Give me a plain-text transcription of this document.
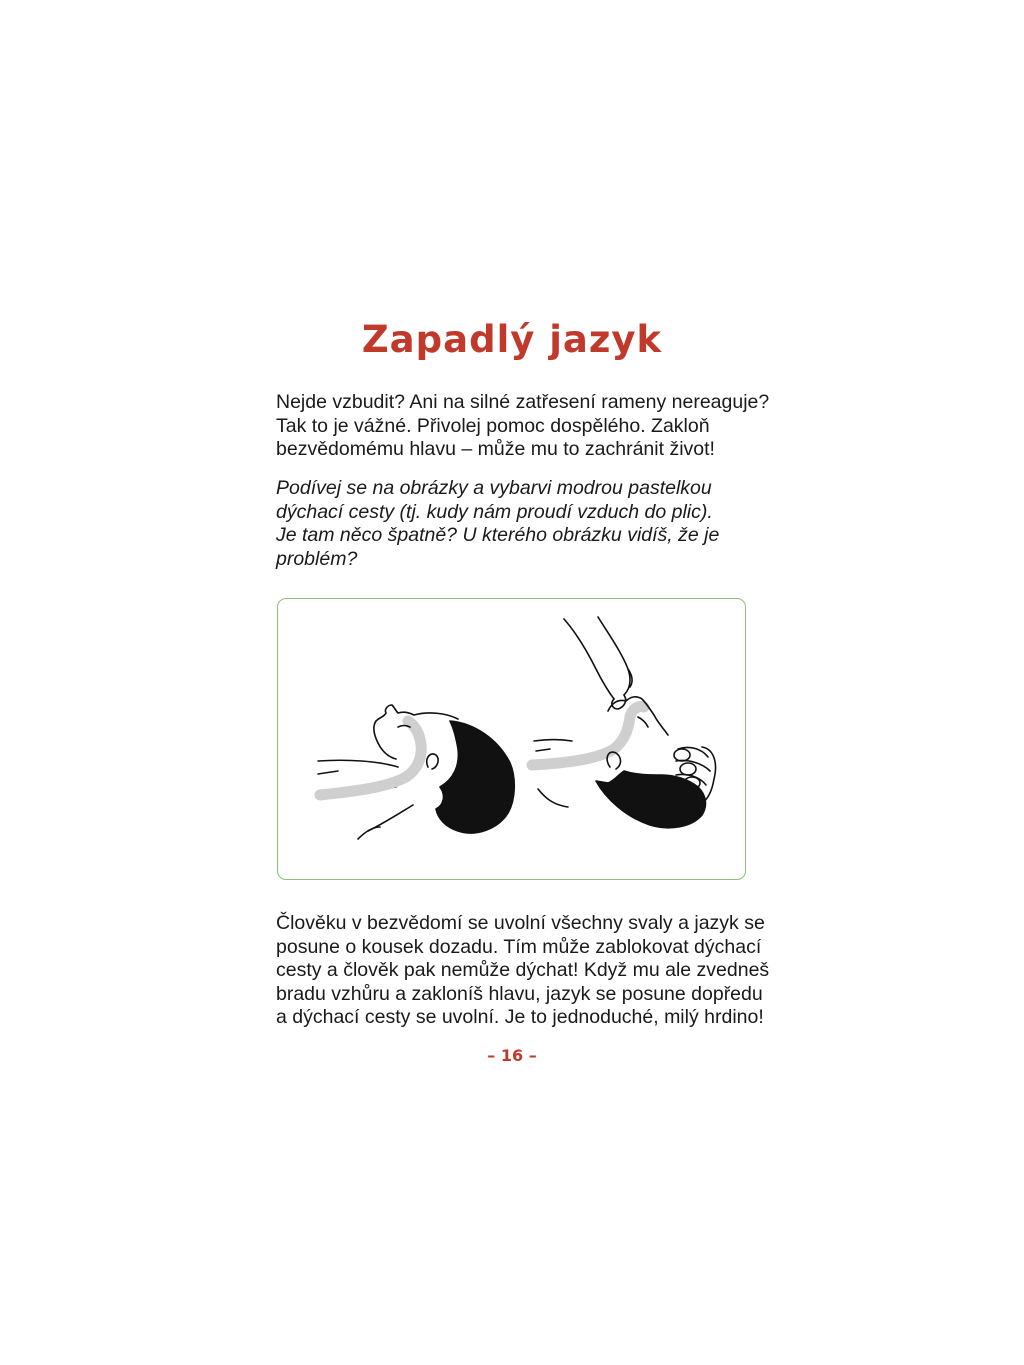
Zapadlý jazyk

Nejde vzbudit? Ani na silné zatřesení rameny nereaguje?
Tak to je vážné. Přivolej pomoc dospělého. Zakloň
bezvědomému hlavu – může mu to zachránit život!

Podívej se na obrázky a vybarvi modrou pastelkou
dýchací cesty (tj. kudy nám proudí vzduch do plic).
Je tam něco špatně? U kterého obrázku vidíš, že je
problém?

Člověku v bezvědomí se uvolní všechny svaly a jazyk se
posune o kousek dozadu. Tím může zablokovat dýchací
cesty a člověk pak nemůže dýchat! Když mu ale zvedneš
bradu vzhůru a zakloníš hlavu, jazyk se posune dopředu
a dýchací cesty se uvolní. Je to jednoduché, milý hrdino!

– 16 –
